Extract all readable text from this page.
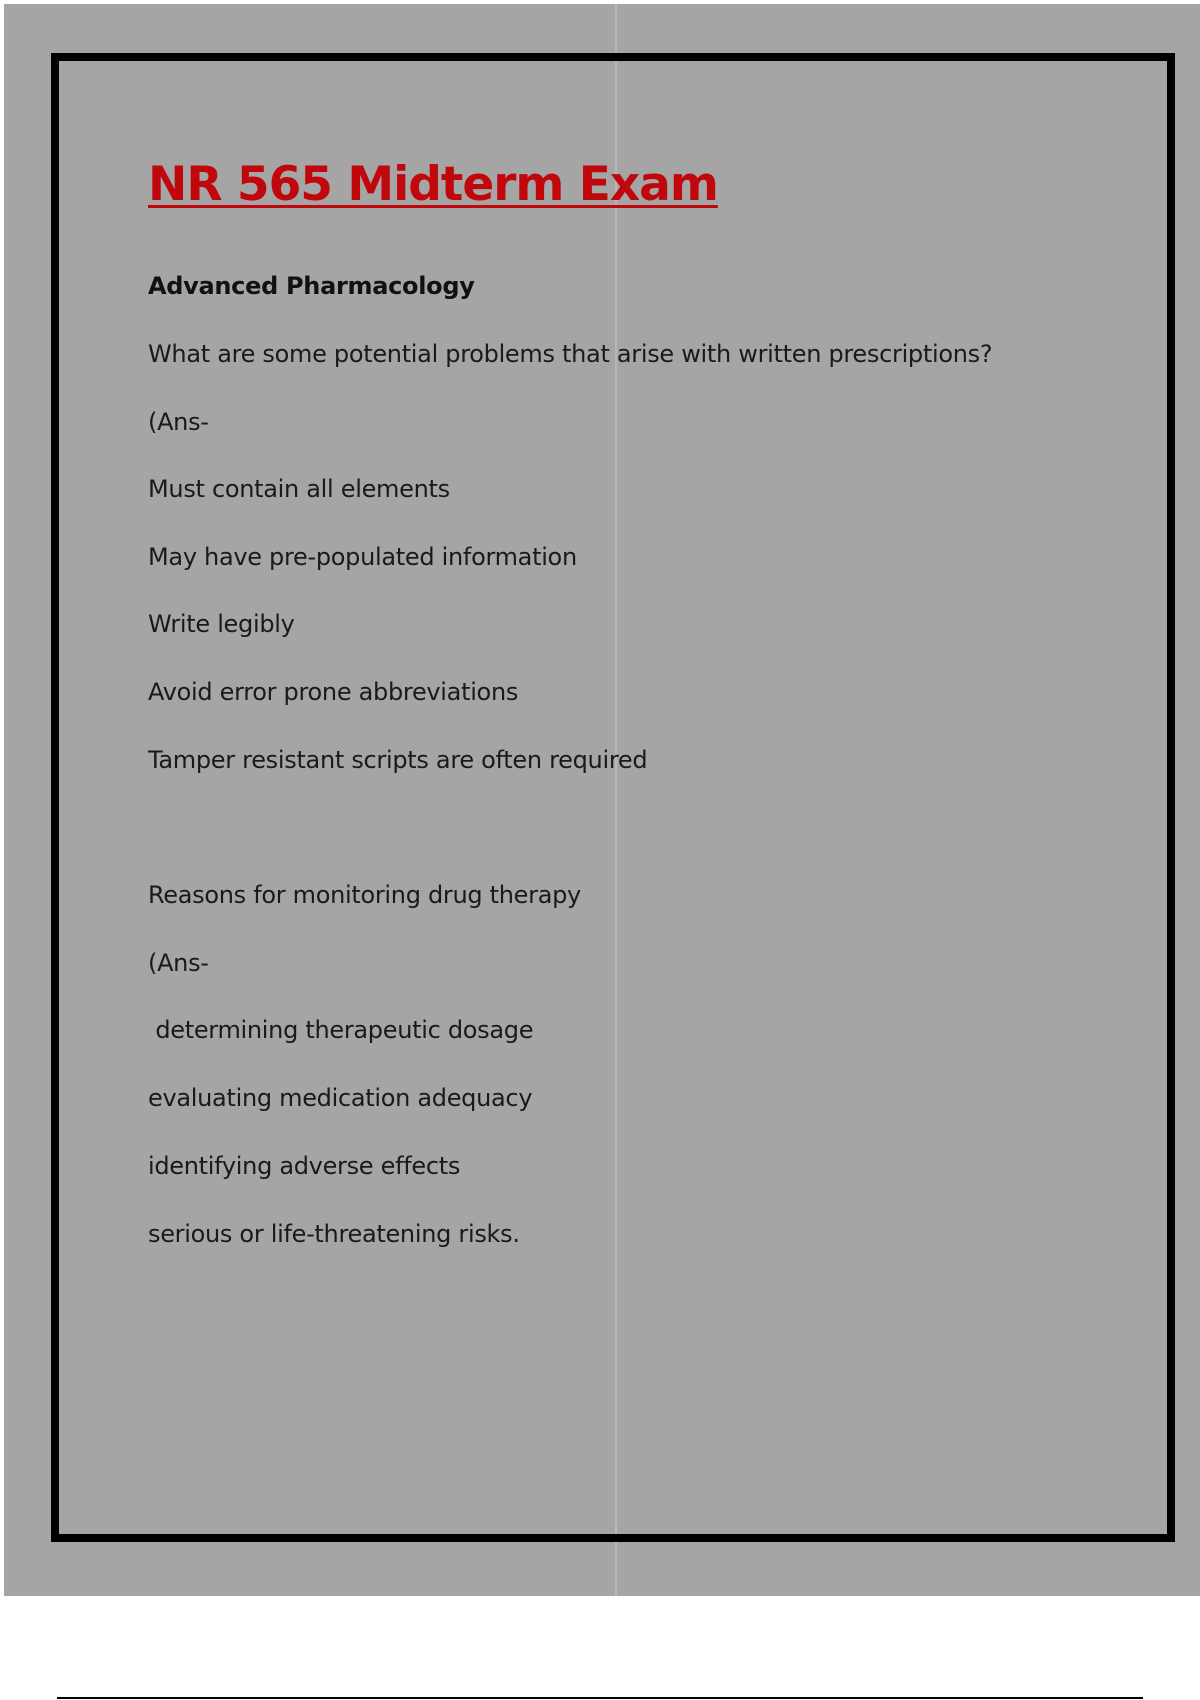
NR 565 Midterm Exam

Advanced Pharmacology

What are some potential problems that arise with written prescriptions?

(Ans-

Must contain all elements

May have pre-populated information

Write legibly

Avoid error prone abbreviations

Tamper resistant scripts are often required

Reasons for monitoring drug therapy

(Ans-

determining therapeutic dosage

evaluating medication adequacy

identifying adverse effects

serious or life-threatening risks.
